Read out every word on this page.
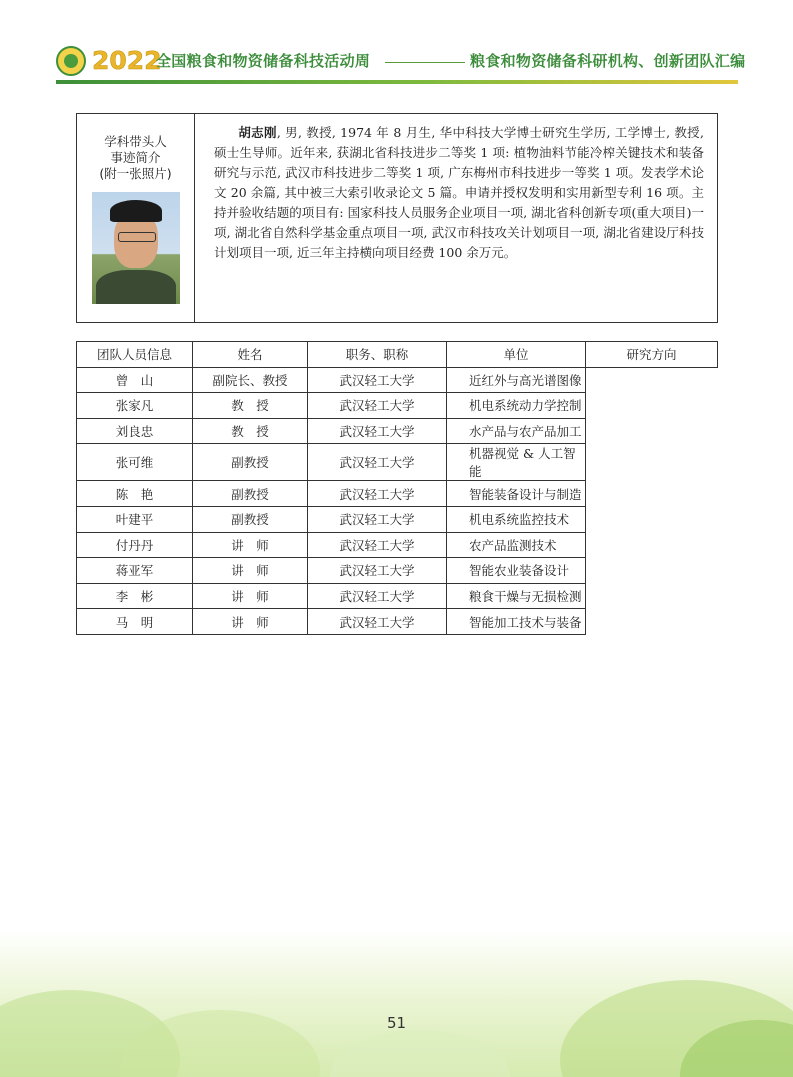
2022
全国粮食和物资储备科技活动周	粮食和物资储备科研机构、创新团队汇编
学科带头人
事迹简介
(附一张照片)

胡志刚, 男, 教授, 1974 年 8 月生, 华中科技大学博士研究生学历, 工学博士, 教授, 硕士生导师。近年来, 获湖北省科技进步二等奖 1 项: 植物油料节能冷榨关键技术和装备研究与示范, 武汉市科技进步二等奖 1 项, 广东梅州市科技进步一等奖 1 项。发表学术论文 20 余篇, 其中被三大索引收录论文 5 篇。申请并授权发明和实用新型专利 16 项。主持并验收结题的项目有: 国家科技人员服务企业项目一项, 湖北省科创新专项(重大项目)一项, 湖北省自然科学基金重点项目一项, 武汉市科技攻关计划项目一项, 湖北省建设厅科技计划项目一项, 近三年主持横向项目经费 100 余万元。
团队人员信息	姓名	职务、职称	单位	研究方向
曾　山	副院长、教授	武汉轻工大学	近红外与高光谱图像	
张家凡	教　授	武汉轻工大学	机电系统动力学控制	
刘良忠	教　授	武汉轻工大学	水产品与农产品加工	
张可维	副教授	武汉轻工大学	机器视觉 & 人工智能	
陈　艳	副教授	武汉轻工大学	智能装备设计与制造	
叶建平	副教授	武汉轻工大学	机电系统监控技术	
付丹丹	讲　师	武汉轻工大学	农产品监测技术	
蒋亚军	讲　师	武汉轻工大学	智能农业装备设计	
李　彬	讲　师	武汉轻工大学	粮食干燥与无损检测	
马　明	讲　师	武汉轻工大学	智能加工技术与装备	
51
